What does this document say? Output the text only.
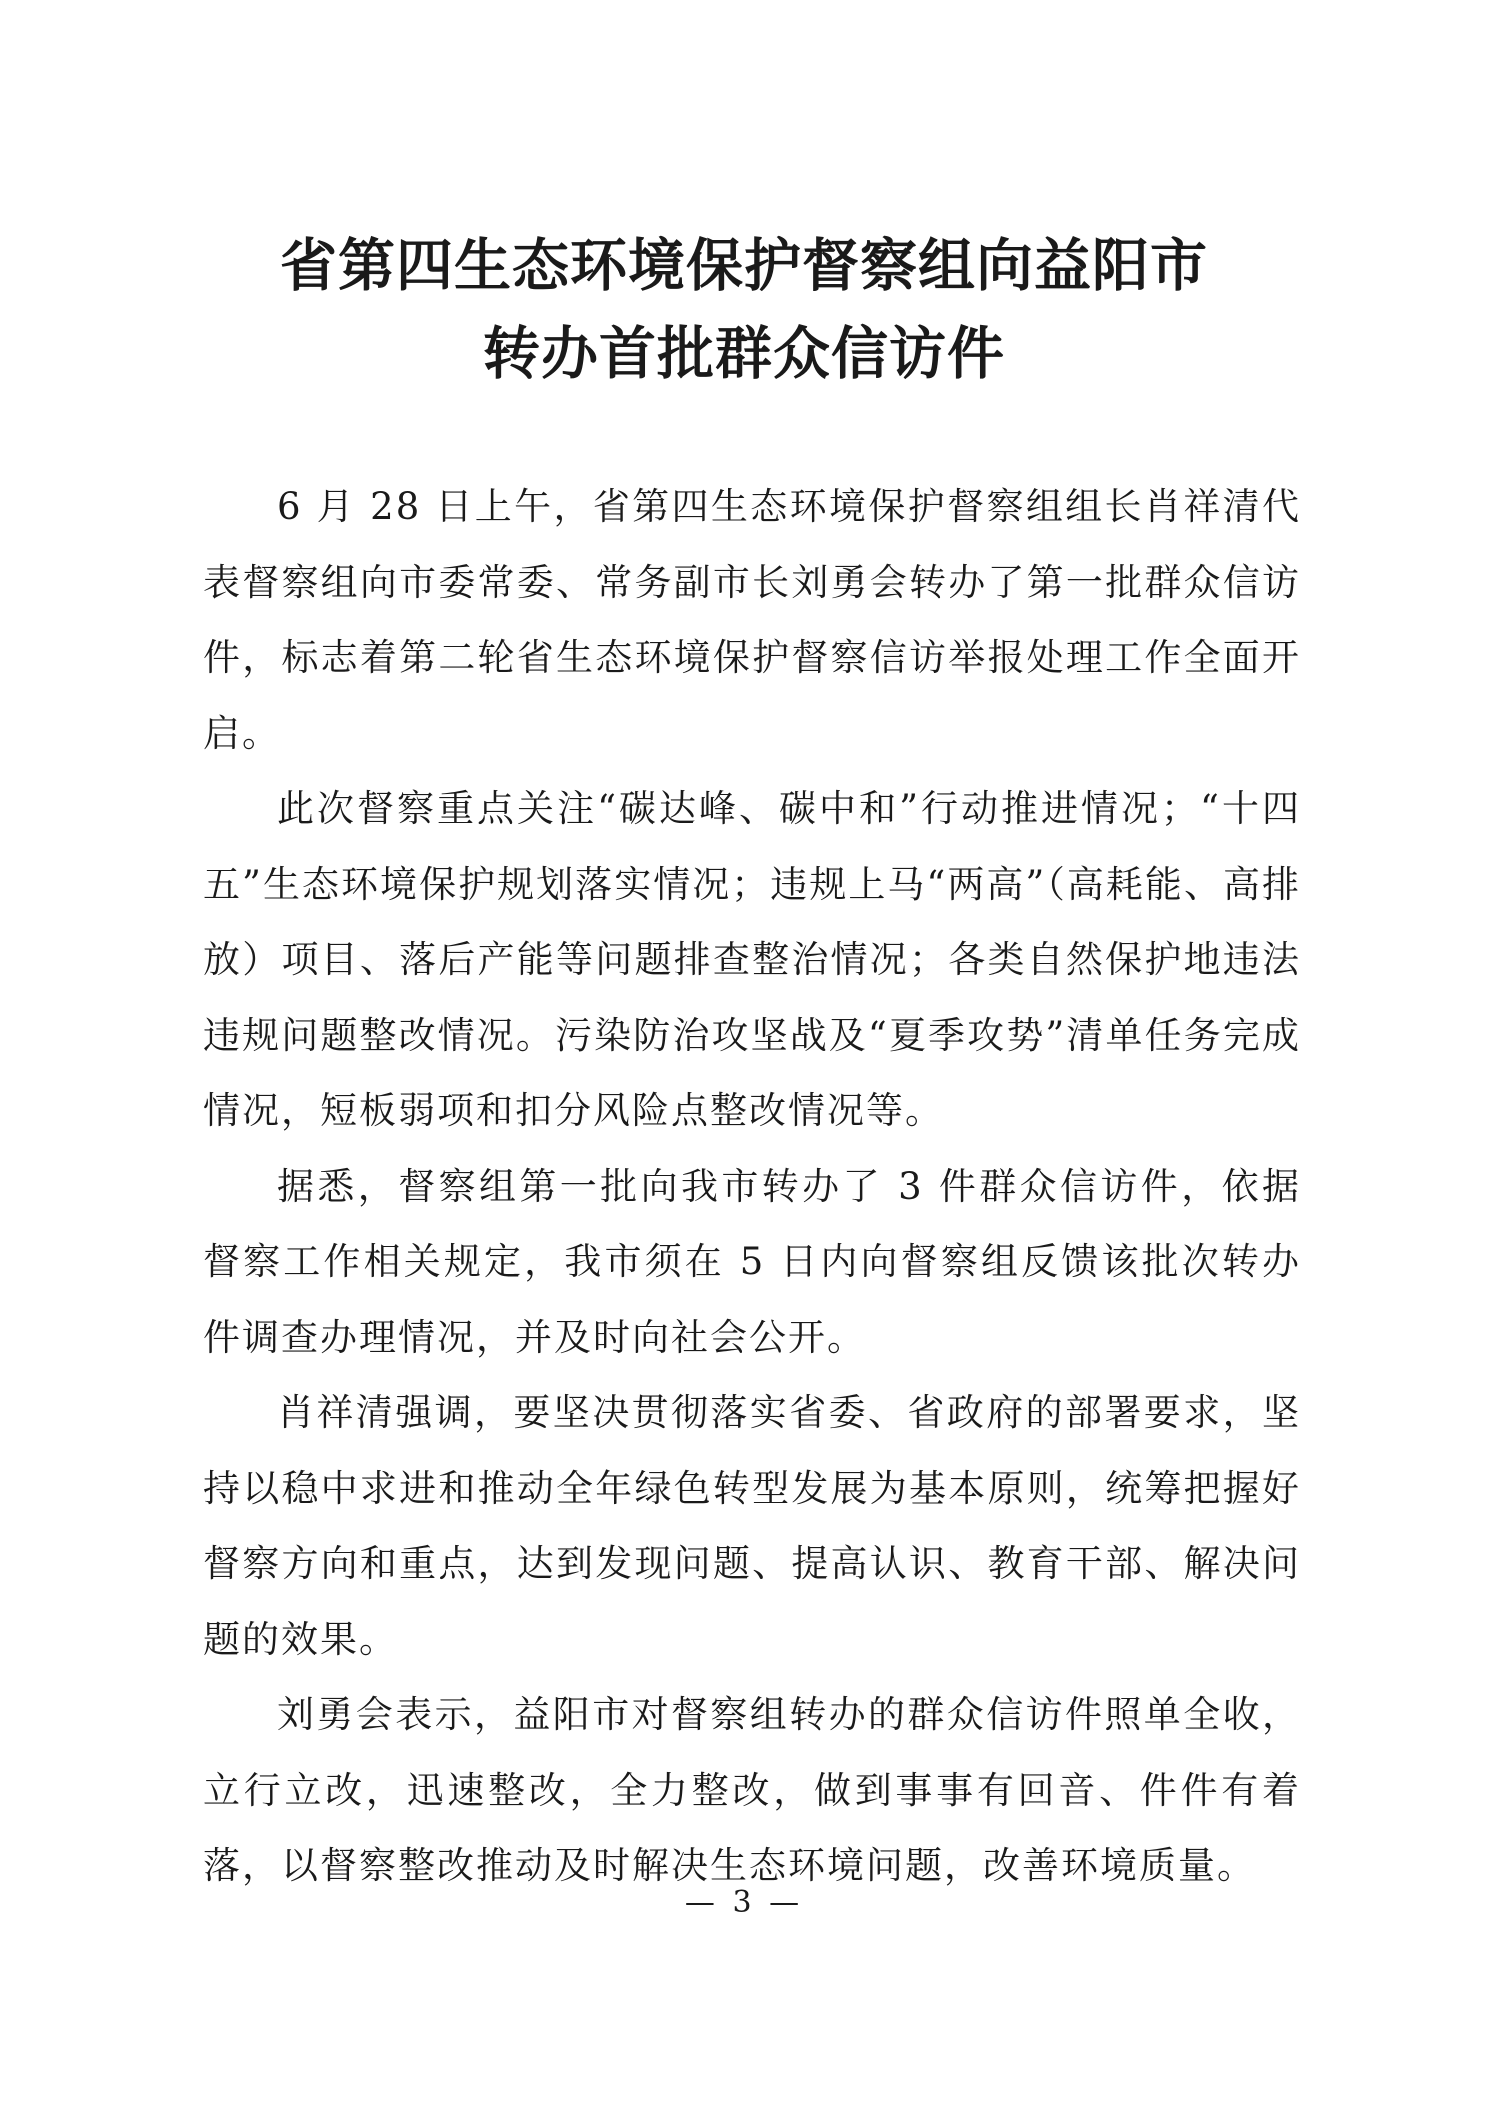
省第四生态环境保护督察组向益阳市
转办首批群众信访件

6 月 28 日上午，省第四生态环境保护督察组组长肖祥清代表督察组向市委常委、常务副市长刘勇会转办了第一批群众信访件，标志着第二轮省生态环境保护督察信访举报处理工作全面开启。

此次督察重点关注“碳达峰、碳中和”行动推进情况；“十四五”生态环境保护规划落实情况；违规上马“两高”（高耗能、高排放）项目、落后产能等问题排查整治情况；各类自然保护地违法违规问题整改情况。污染防治攻坚战及“夏季攻势”清单任务完成情况，短板弱项和扣分风险点整改情况等。

据悉，督察组第一批向我市转办了 3 件群众信访件，依据督察工作相关规定，我市须在 5 日内向督察组反馈该批次转办件调查办理情况，并及时向社会公开。

肖祥清强调，要坚决贯彻落实省委、省政府的部署要求，坚持以稳中求进和推动全年绿色转型发展为基本原则，统筹把握好督察方向和重点，达到发现问题、提高认识、教育干部、解决问题的效果。

刘勇会表示，益阳市对督察组转办的群众信访件照单全收，立行立改，迅速整改，全力整改，做到事事有回音、件件有着落，以督察整改推动及时解决生态环境问题，改善环境质量。

— 3 —
